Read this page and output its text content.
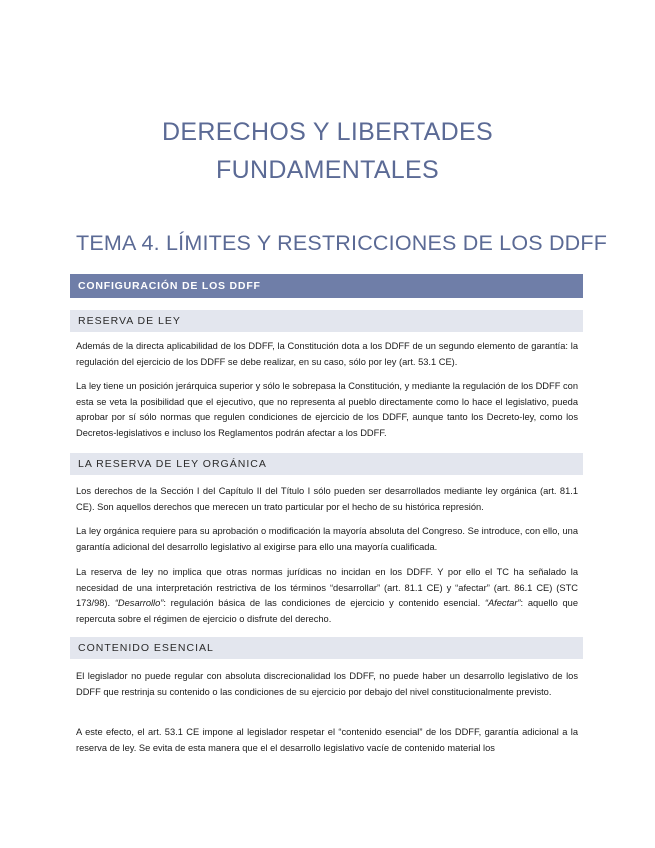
DERECHOS Y LIBERTADES
FUNDAMENTALES
TEMA 4. LÍMITES Y RESTRICCIONES DE LOS DDFF
CONFIGURACIÓN DE LOS DDFF
RESERVA DE LEY

Además de la directa aplicabilidad de los DDFF, la Constitución dota a los DDFF de un segundo elemento de garantía: la regulación del ejercicio de los DDFF se debe realizar, en su caso, sólo por ley (art. 53.1 CE).

La ley tiene un posición jerárquica superior y sólo le sobrepasa la Constitución, y mediante la regulación de los DDFF con esta se veta la posibilidad que el ejecutivo, que no representa al pueblo directamente como lo hace el legislativo, pueda aprobar por sí sólo normas que regulen condiciones de ejercicio de los DDFF, aunque tanto los Decreto-ley, como los Decretos-legislativos e incluso los Reglamentos podrán afectar a los DDFF.

LA RESERVA DE LEY ORGÁNICA

Los derechos de la Sección I del Capítulo II del Título I sólo pueden ser desarrollados mediante ley orgánica (art. 81.1 CE). Son aquellos derechos que merecen un trato particular por el hecho de su histórica represión.

La ley orgánica requiere para su aprobación o modificación la mayoría absoluta del Congreso. Se introduce, con ello, una garantía adicional del desarrollo legislativo al exigirse para ello una mayoría cualificada.

La reserva de ley no implica que otras normas jurídicas no incidan en los DDFF. Y por ello el TC ha señalado la necesidad de una interpretación restrictiva de los términos “desarrollar” (art. 81.1 CE) y “afectar” (art. 86.1 CE) (STC 173/98). “Desarrollo”: regulación básica de las condiciones de ejercicio y contenido esencial. “Afectar”: aquello que repercuta sobre el régimen de ejercicio o disfrute del derecho.

CONTENIDO ESENCIAL

El legislador no puede regular con absoluta discrecionalidad los DDFF, no puede haber un desarrollo legislativo de los DDFF que restrinja su contenido o las condiciones de su ejercicio por debajo del nivel constitucionalmente previsto.

A este efecto, el art. 53.1 CE impone al legislador respetar el “contenido esencial” de los DDFF, garantía adicional a la reserva de ley. Se evita de esta manera que el el desarrollo legislativo vacíe de contenido material los
